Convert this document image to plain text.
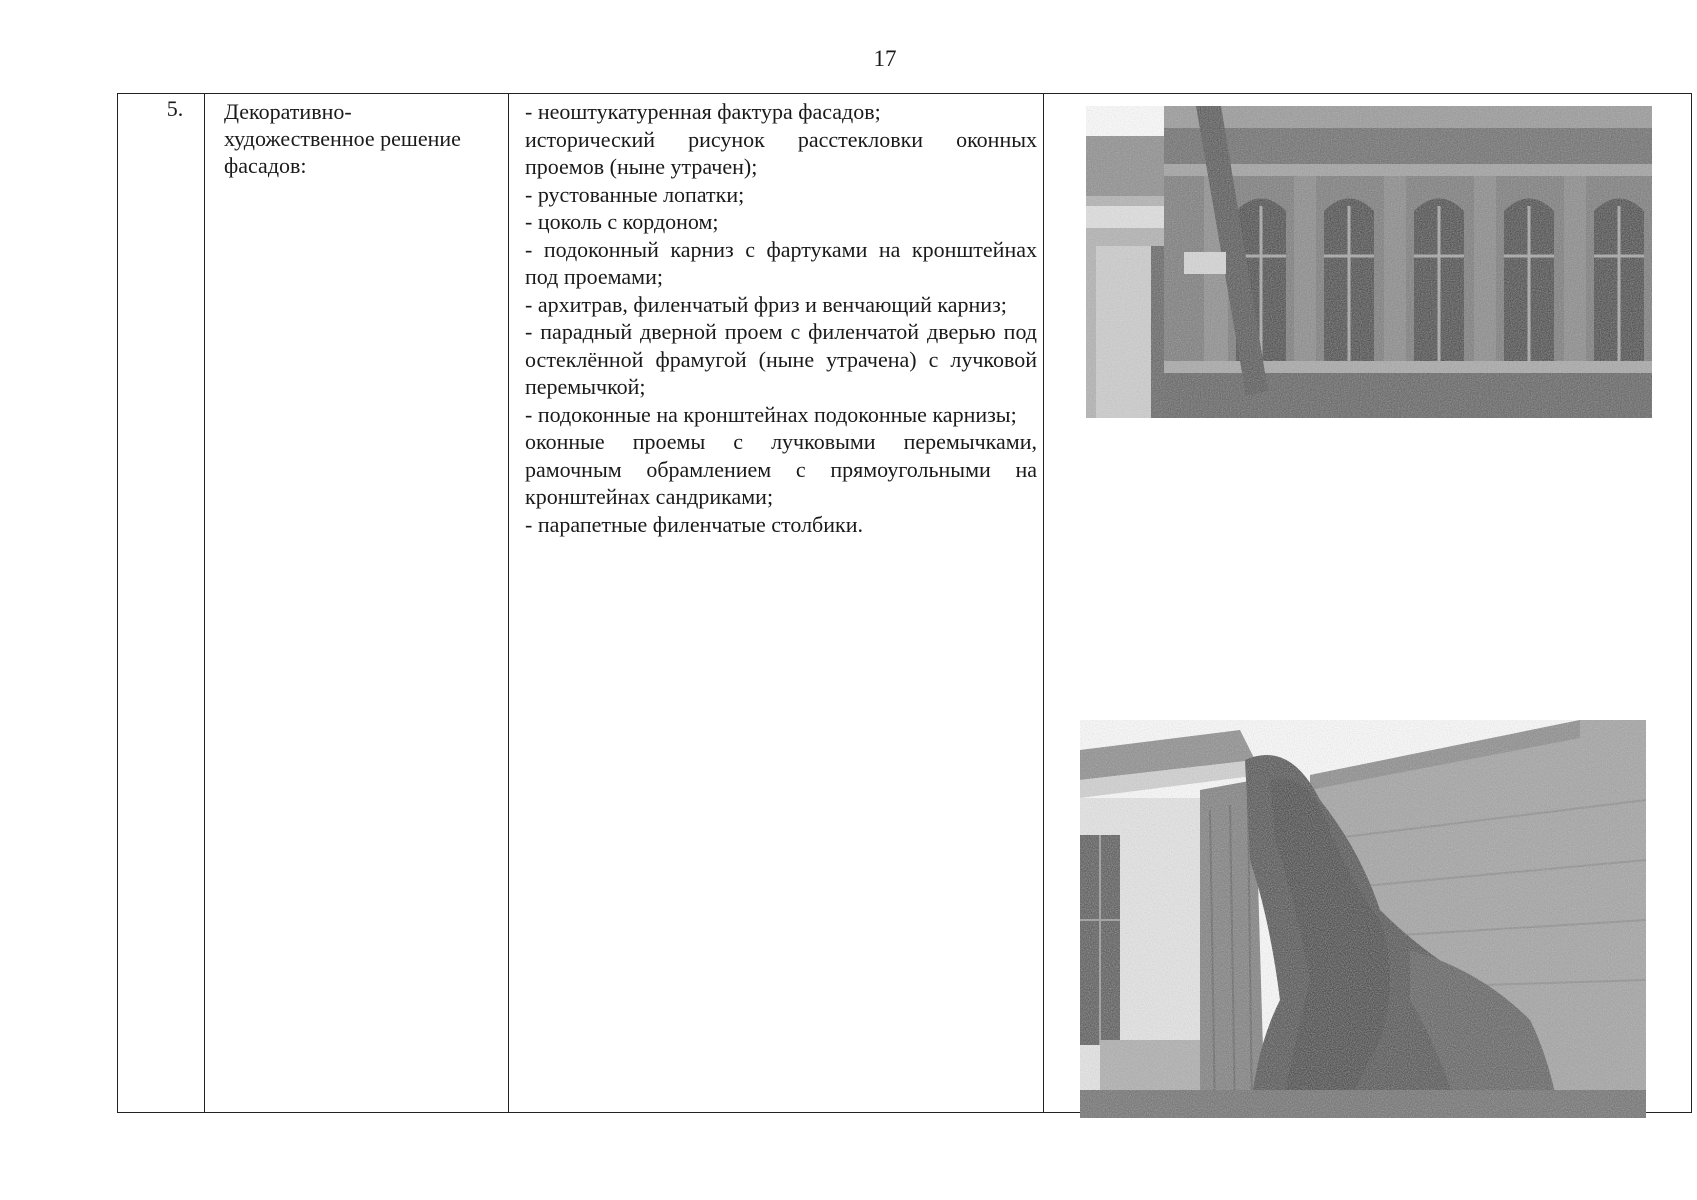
17
5.	Декоративно-художественное решение фасадов:

- неоштукатуренная фактура фасадов;

исторический рисунок расстекловки оконных проемов (ныне утрачен);

- рустованные лопатки;

- цоколь с кордоном;

- подоконный карниз с фартуками на кронштейнах под проемами;

- архитрав, филенчатый фриз и венчающий карниз;

- парадный дверной проем с филенчатой дверью под остеклённой фрамугой (ныне утрачена) с лучковой перемычкой;

- подоконные на кронштейнах подоконные карнизы;

оконные проемы с лучковыми перемычками, рамочным обрамлением с прямоугольными на кронштейнах сандриками;

- парапетные филенчатые столбики.
